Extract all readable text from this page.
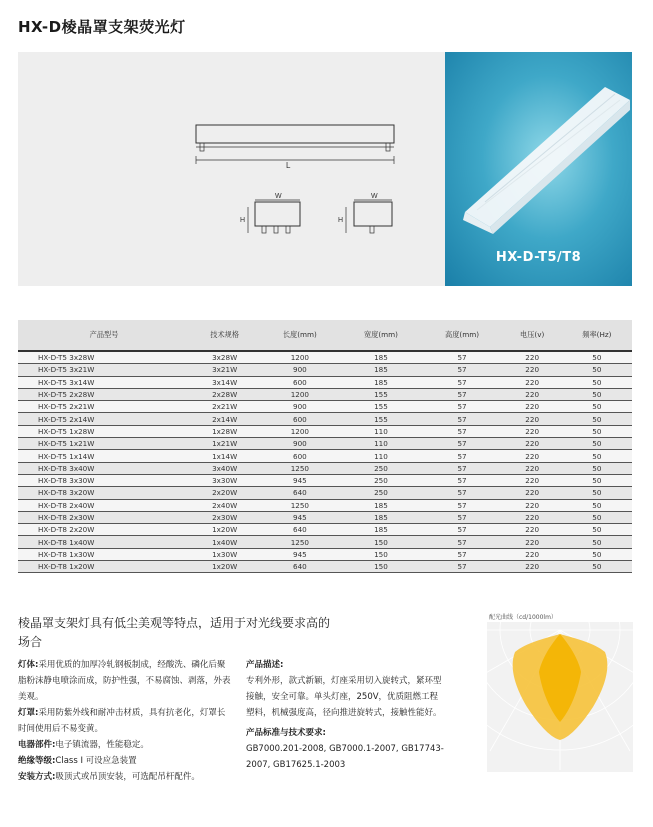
HX-D棱晶罩支架荧光灯
L
W
H
W
H
HX-D-T5/T8
产品型号	技术规格	长度(mm)	宽度(mm)	高度(mm)	电压(v)	频率(Hz)
HX-D-T5 3x28W	3x28W	1200	185	57	220	50
HX-D-T5 3x21W	3x21W	900	185	57	220	50
HX-D-T5 3x14W	3x14W	600	185	57	220	50
HX-D-T5 2x28W	2x28W	1200	155	57	220	50
HX-D-T5 2x21W	2x21W	900	155	57	220	50
HX-D-T5 2x14W	2x14W	600	155	57	220	50
HX-D-T5 1x28W	1x28W	1200	110	57	220	50
HX-D-T5 1x21W	1x21W	900	110	57	220	50
HX-D-T5 1x14W	1x14W	600	110	57	220	50
HX-D-T8 3x40W	3x40W	1250	250	57	220	50
HX-D-T8 3x30W	3x30W	945	250	57	220	50
HX-D-T8 3x20W	2x20W	640	250	57	220	50
HX-D-T8 2x40W	2x40W	1250	185	57	220	50
HX-D-T8 2x30W	2x30W	945	185	57	220	50
HX-D-T8 2x20W	1x20W	640	185	57	220	50
HX-D-T8 1x40W	1x40W	1250	150	57	220	50
HX-D-T8 1x30W	1x30W	945	150	57	220	50
HX-D-T8 1x20W	1x20W	640	150	57	220	50
棱晶罩支架灯具有低尘美观等特点，适用于对光线要求高的场合
灯体:采用优质的加厚冷轧钢板制成，经酸洗、磷化后聚脂粉沫静电喷涂而成，防护性强，不易腐蚀、剥落，外表美观。
灯罩:采用防紫外线和耐冲击材质，具有抗老化，灯罩长时间使用后不易变黄。
电器部件:电子镇流器，性能稳定。
绝缘等级:Class I 可设应急装置
安装方式:吸顶式或吊顶安装，可选配吊杆配件。
产品描述:
专利外形，款式新颖，灯座采用切入旋转式，紧环型接触，安全可靠。单头灯座，250V，优质阻燃工程塑料，机械强度高，径向推进旋转式，接触性能好。
产品标准与技术要求:
GB7000.201-2008, GB7000.1-2007, GB17743-2007, GB17625.1-2003
配光曲线（cd/1000lm）
